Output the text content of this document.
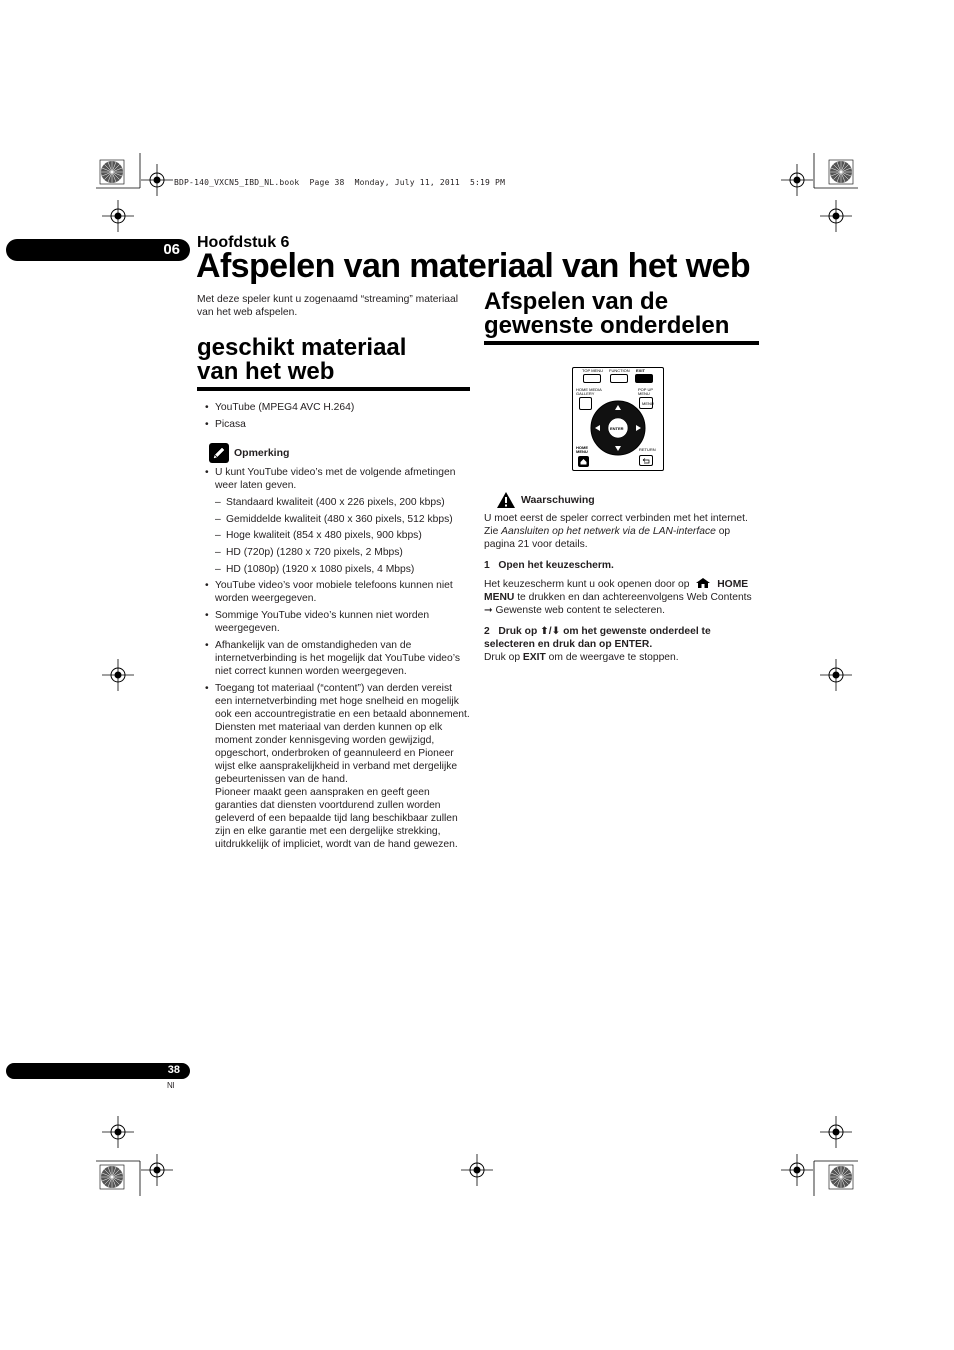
BDP-140_VXCN5_IBD_NL.book  Page 38  Monday, July 11, 2011  5:19 PM
06 Hoofdstuk 6
Afspelen van materiaal van het web

Met deze speler kunt u zogenaamd “streaming” materiaal van het web afspelen.

geschikt materiaal
van het web
• YouTube (MPEG4 AVC H.264)
• Picasa
Opmerking
• U kunt YouTube video’s met de volgende afmetingen weer laten geven.
– Standaard kwaliteit (400 x 226 pixels, 200 kbps)
– Gemiddelde kwaliteit (480 x 360 pixels, 512 kbps)
– Hoge kwaliteit (854 x 480 pixels, 900 kbps)
– HD (720p) (1280 x 720 pixels, 2 Mbps)
– HD (1080p) (1920 x 1080 pixels, 4 Mbps)
• YouTube video’s voor mobiele telefoons kunnen niet worden weergegeven.
• Sommige YouTube video’s kunnen niet worden weergegeven.
• Afhankelijk van de omstandigheden van de internetverbinding is het mogelijk dat YouTube video’s niet correct kunnen worden weergegeven.
• Toegang tot materiaal (“content”) van derden vereist een internetverbinding met hoge snelheid en mogelijk ook een accountregistratie en een betaald abonnement.
Diensten met materiaal van derden kunnen op elk moment zonder kennisgeving worden gewijzigd, opgeschort, onderbroken of geannuleerd en Pioneer wijst elke aansprakelijkheid in verband met dergelijke gebeurtenissen van de hand.
Pioneer maakt geen aanspraken en geeft geen garanties dat diensten voortdurend zullen worden geleverd of een bepaalde tijd lang beschikbaar zullen zijn en elke garantie met een dergelijke strekking, uitdrukkelijk of impliciet, wordt van de hand gewezen.
Afspelen van de
gewenste onderdelen
TOP MENU FUNCTION EXIT
HOME MEDIA GALLERY
POP UP MENU
MENU
ENTER
HOME MENU	RETURN
Waarschuwing

U moet eerst de speler correct verbinden met het internet. Zie Aansluiten op het netwerk via de LAN-interface op pagina 21 voor details.

1 Open het keuzescherm.

Het keuzescherm kunt u ook openen door op	HOME MENU te drukken en dan achtereenvolgens Web Contents ➞ Gewenste web content te selecteren.

2 Druk op ⬆/⬇ om het gewenste onderdeel te selecteren en druk dan op ENTER.

Druk op EXIT om de weergave te stoppen.

38
Nl
